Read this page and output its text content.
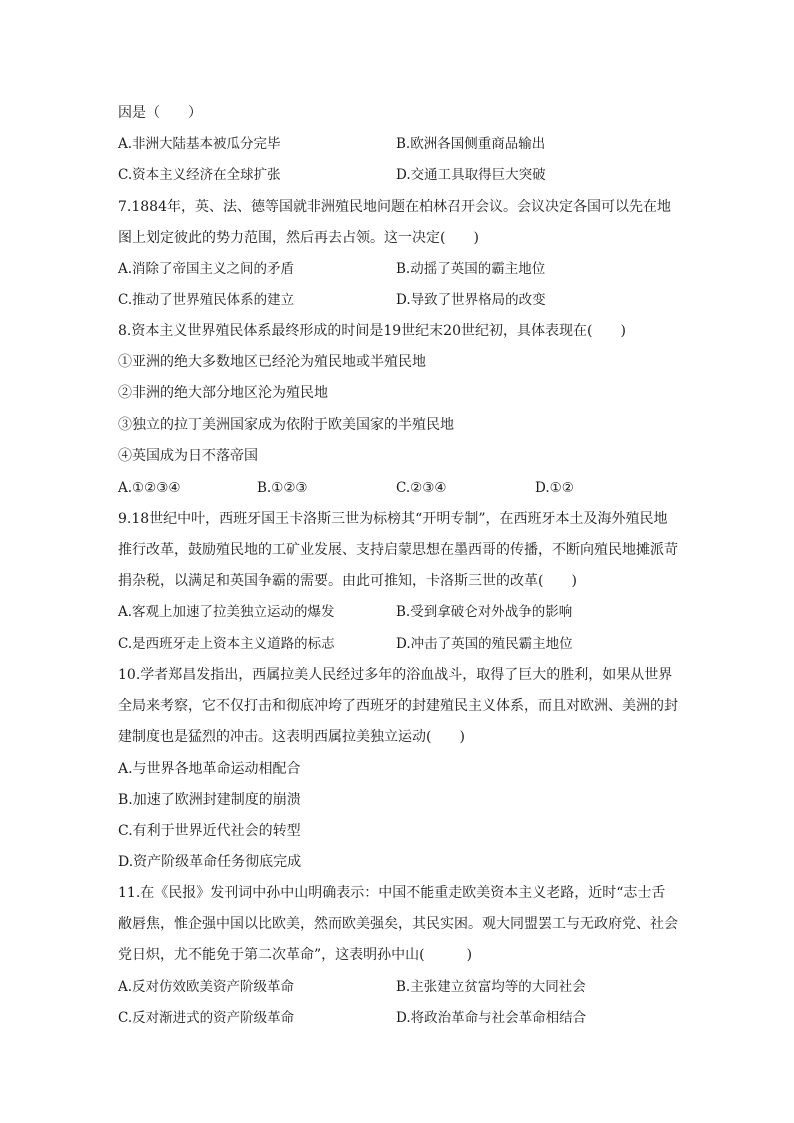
因是（　　）
A.非洲大陆基本被瓜分完毕	B.欧洲各国侧重商品输出
C.资本主义经济在全球扩张	D.交通工具取得巨大突破
7.1884年，英、法、德等国就非洲殖民地问题在柏林召开会议。会议决定各国可以先在地
图上划定彼此的势力范围，然后再去占领。这一决定(　　)
A.消除了帝国主义之间的矛盾	B.动摇了英国的霸主地位
C.推动了世界殖民体系的建立	D.导致了世界格局的改变
8.资本主义世界殖民体系最终形成的时间是19世纪末20世纪初，具体表现在(　　)
①亚洲的绝大多数地区已经沦为殖民地或半殖民地
②非洲的绝大部分地区沦为殖民地
③独立的拉丁美洲国家成为依附于欧美国家的半殖民地
④英国成为日不落帝国
A.①②③④	B.①②③	C.②③④	D.①②
9.18世纪中叶，西班牙国王卡洛斯三世为标榜其“开明专制”，在西班牙本土及海外殖民地
推行改革，鼓励殖民地的工矿业发展、支持启蒙思想在墨西哥的传播，不断向殖民地摊派苛
捐杂税，以满足和英国争霸的需要。由此可推知，卡洛斯三世的改革(　　)
A.客观上加速了拉美独立运动的爆发	B.受到拿破仑对外战争的影响
C.是西班牙走上资本主义道路的标志	D.冲击了英国的殖民霸主地位
10.学者郑昌发指出，西属拉美人民经过多年的浴血战斗，取得了巨大的胜利，如果从世界
全局来考察，它不仅打击和彻底冲垮了西班牙的封建殖民主义体系，而且对欧洲、美洲的封
建制度也是猛烈的冲击。这表明西属拉美独立运动(　　)
A.与世界各地革命运动相配合
B.加速了欧洲封建制度的崩溃
C.有利于世界近代社会的转型
D.资产阶级革命任务彻底完成
11.在《民报》发刊词中孙中山明确表示：中国不能重走欧美资本主义老路，近时“志士舌
敝唇焦，惟企强中国以比欧美，然而欧美强矣，其民实困。观大同盟罢工与无政府党、社会
党日炽，尤不能免于第二次革命”，这表明孙中山(　　　)
A.反对仿效欧美资产阶级革命	B.主张建立贫富均等的大同社会
C.反对渐进式的资产阶级革命	D.将政治革命与社会革命相结合
